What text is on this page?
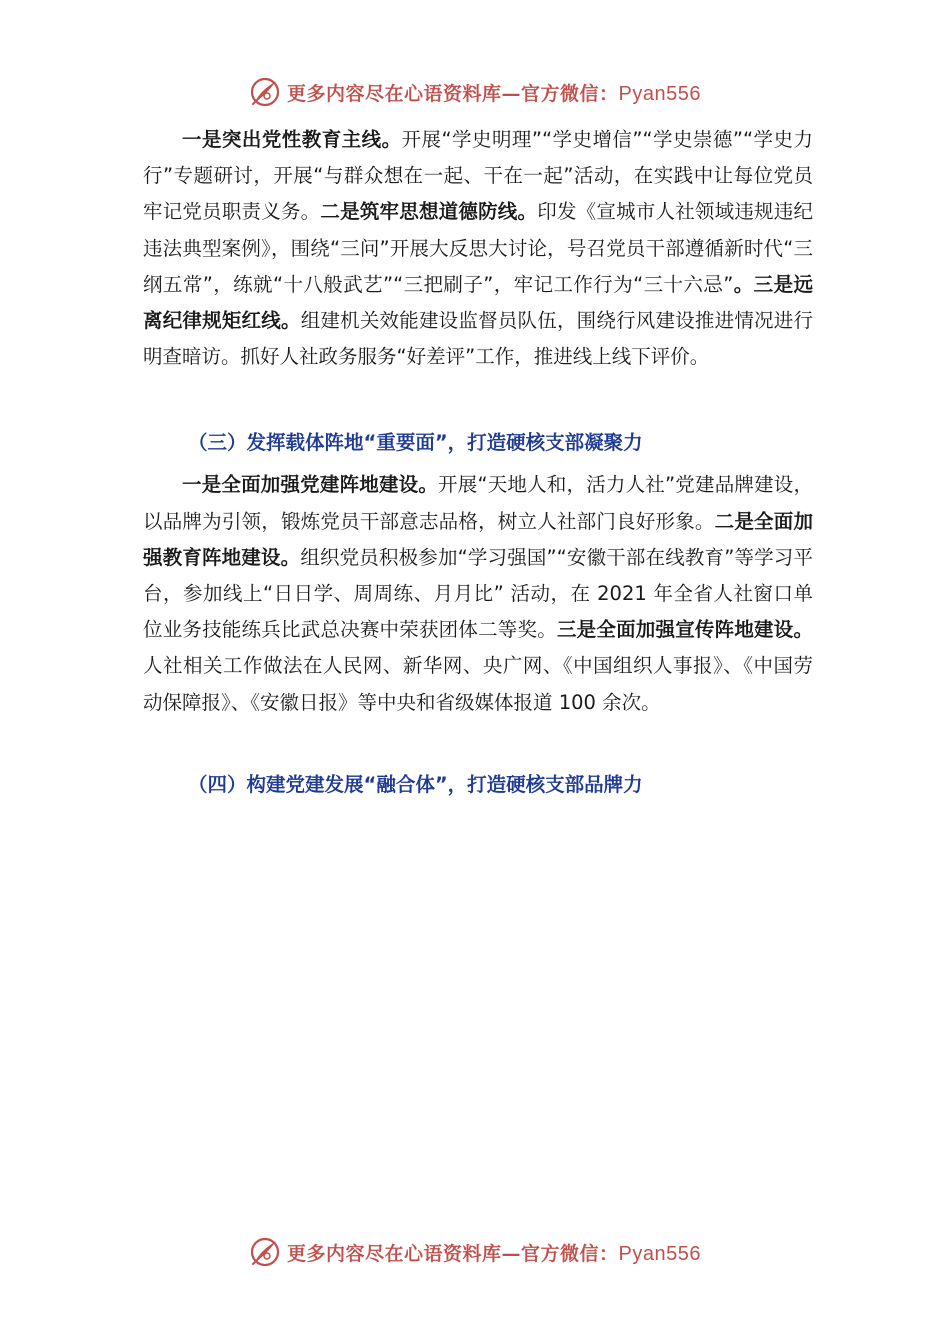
更多内容尽在心语资料库—官方微信：Pyan556

一是突出党性教育主线。开展“学史明理”“学史增信”“学史崇德”“学史力行”专题研讨，开展“与群众想在一起、干在一起”活动，在实践中让每位党员牢记党员职责义务。二是筑牢思想道德防线。印发《宣城市人社领域违规违纪违法典型案例》，围绕“三问”开展大反思大讨论，号召党员干部遵循新时代“三纲五常”，练就“十八般武艺”“三把刷子”，牢记工作行为“三十六忌”。三是远离纪律规矩红线。组建机关效能建设监督员队伍，围绕行风建设推进情况进行明查暗访。抓好人社政务服务“好差评”工作，推进线上线下评价。

（三）发挥载体阵地“重要面”，打造硬核支部凝聚力

一是全面加强党建阵地建设。开展“天地人和，活力人社”党建品牌建设，以品牌为引领，锻炼党员干部意志品格，树立人社部门良好形象。二是全面加强教育阵地建设。组织党员积极参加“学习强国”“安徽干部在线教育”等学习平台，参加线上“日日学、周周练、月月比” 活动，在 2021 年全省人社窗口单位业务技能练兵比武总决赛中荣获团体二等奖。三是全面加强宣传阵地建设。人社相关工作做法在人民网、新华网、央广网、《中国组织人事报》、《中国劳动保障报》、《安徽日报》等中央和省级媒体报道 100 余次。

（四）构建党建发展“融合体”，打造硬核支部品牌力
更多内容尽在心语资料库—官方微信：Pyan556
